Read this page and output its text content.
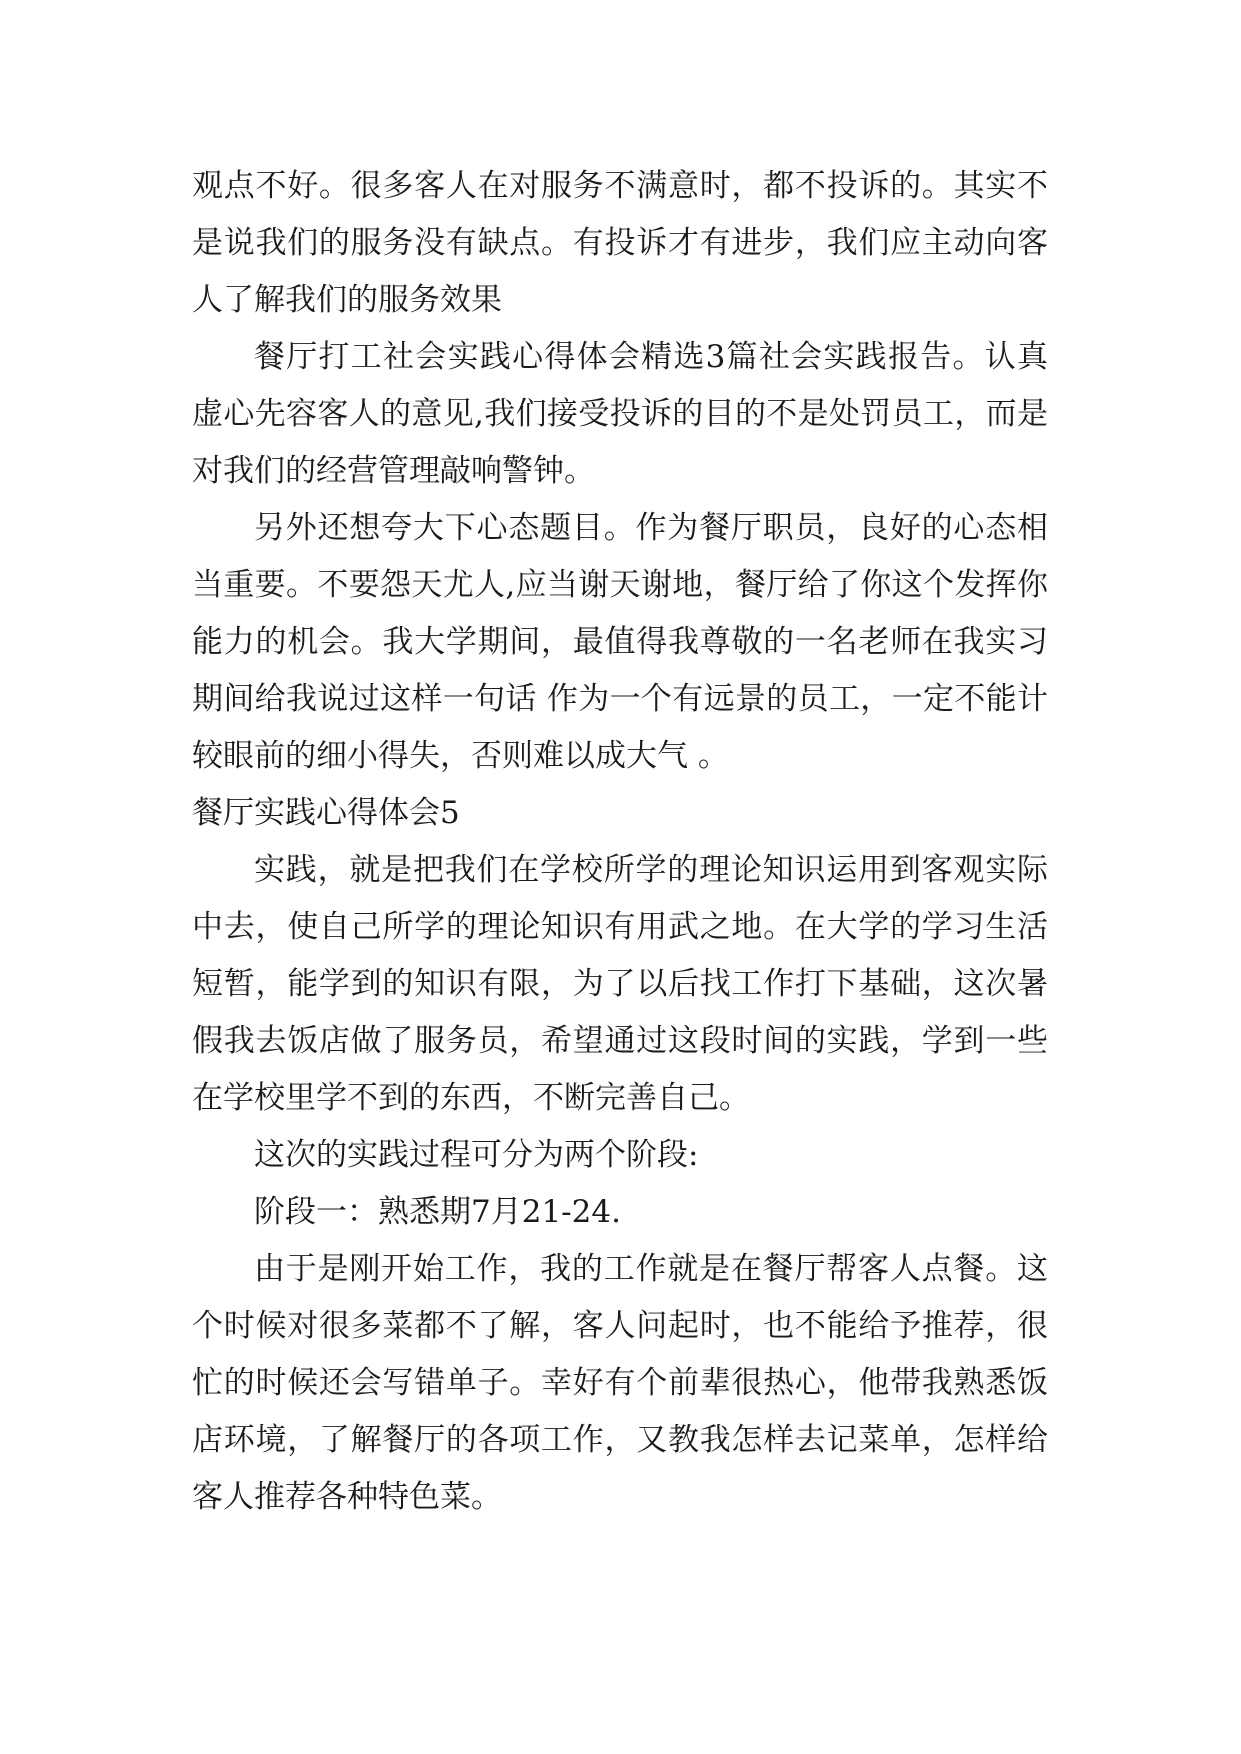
观点不好。很多客人在对服务不满意时，都不投诉的。其实不是说我们的服务没有缺点。有投诉才有进步，我们应主动向客人了解我们的服务效果

餐厅打工社会实践心得体会精选3篇社会实践报告。认真虚心先容客人的意见,我们接受投诉的目的不是处罚员工，而是对我们的经营管理敲响警钟。

另外还想夸大下心态题目。作为餐厅职员，良好的心态相当重要。不要怨天尤人,应当谢天谢地，餐厅给了你这个发挥你能力的机会。我大学期间，最值得我尊敬的一名老师在我实习期间给我说过这样一句话 作为一个有远景的员工，一定不能计较眼前的细小得失，否则难以成大气 。

餐厅实践心得体会5

实践，就是把我们在学校所学的理论知识运用到客观实际中去，使自己所学的理论知识有用武之地。在大学的学习生活短暂，能学到的知识有限，为了以后找工作打下基础，这次暑假我去饭店做了服务员，希望通过这段时间的实践，学到一些在学校里学不到的东西，不断完善自己。

这次的实践过程可分为两个阶段:

阶段一：熟悉期7月21-24.

由于是刚开始工作，我的工作就是在餐厅帮客人点餐。这个时候对很多菜都不了解，客人问起时，也不能给予推荐，很忙的时候还会写错单子。幸好有个前辈很热心，他带我熟悉饭店环境，了解餐厅的各项工作，又教我怎样去记菜单，怎样给客人推荐各种特色菜。
